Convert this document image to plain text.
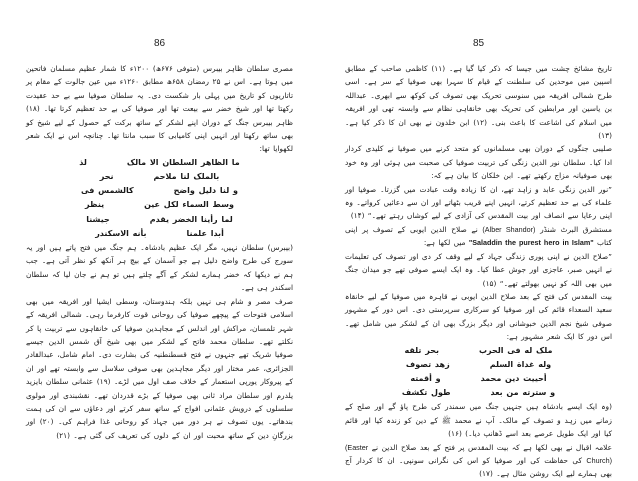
86

مصری سلطان ظاہر بیبرس (متوفی ۶۷۶ھ) ۱۲۰۰ء کا شمار عظیم مسلمان فاتحین میں ہوتا ہے۔ اس نے ۲۵ رمضان ۶۵۸ھ مطابق ۱۲۶۰ء میں عین جالوت کے مقام پر تاتاریوں کو تاریخ میں پہلی بار شکست دی۔ یہ سلطان صوفیا سے بے حد عقیدت رکھتا تھا اور شیخ خضر سے بیعت تھا اور صوفیا کی بے حد تعظیم کرتا تھا۔ (۱۸) ظاہر بیبرس جنگ کے دوران اپنے لشکر کے ساتھ برکت کے حصول کے لیے شیخ کو بھی ساتھ رکھتا اور انہیں اپنی کامیابی کا سبب مانتا تھا۔ چنانچہ اس نے ایک شعر لکھوایا تھا:

ما الظاهر السلطان الا مالکلذ

بالملک لنا ملاحمنحر

و لنا دلیل واضحکالشمس فی

وسط السماء لکل عینینظر

لما رأینا الخضر یقدمجیشنا

أبدا علمنابأنه الاسکندر

(بیبرس) سلطان نہیں، مگر ایک عظیم بادشاہ۔ ہم جنگ میں فتح پاتے ہیں اور یہ سورج کی طرح واضح دلیل ہے جو آسمان کے بیچ ہر آنکھ کو نظر آتی ہے۔ جب ہم نے دیکھا کہ خضر ہمارے لشکر کے آگے چلتے ہیں تو ہم نے جان لیا کہ سلطان اسکندر ہی ہے۔

صرف مصر و شام ہی نہیں بلکہ ہندوستان، وسطی ایشیا اور افریقہ میں بھی اسلامی فتوحات کے پیچھے صوفیا کی روحانی قوت کارفرما رہی۔ شمالی افریقہ کے شہر تلمسان، مراکش اور اندلس کے مجاہدین صوفیا کی خانقاہوں سے تربیت پا کر نکلتے تھے۔ سلطان محمد فاتح کے لشکر میں بھی شیخ آق شمس الدین جیسے صوفیا شریک تھے جنہوں نے فتح قسطنطنیہ کی بشارت دی۔ امام شامل، عبدالقادر الجزائری، عمر مختار اور دیگر مجاہدین بھی صوفی سلاسل سے وابستہ تھے اور ان کے پیروکار یورپی استعمار کے خلاف صف اول میں لڑے۔ (۱۹) عثمانی سلطان بایزید یلدرم اور سلطان مراد ثانی بھی صوفیا کے بڑے قدردان تھے۔ نقشبندی اور مولوی سلسلوں کے درویش عثمانی افواج کے ساتھ سفر کرتے اور دعاؤں سے ان کی ہمت بندھاتے۔ یوں تصوف نے ہر دور میں جہاد کو روحانی غذا فراہم کی۔ (۲۰) اور بزرگانِ دین کے ساتھ محبت اور ان کے دلوں کی تعریف کی گئی ہے۔ (۲۱)

85

تاریخ مشائخ چشت میں جیسا کہ ذکر کیا گیا ہے۔ (۱۱) کاظمی صاحب کے مطابق اسپین میں موحدین کی سلطنت کے قیام کا سہرا بھی صوفیا کے سر ہے۔ اسی طرح شمالی افریقہ میں سنوسی تحریک بھی تصوف کی کوکھ سے ابھری۔ عبداللہ بن یاسین اور مرابطین کی تحریک بھی خانقاہی نظام سے وابستہ تھی اور افریقہ میں اسلام کی اشاعت کا باعث بنی۔ (۱۲) ابن خلدون نے بھی ان کا ذکر کیا ہے۔ (۱۳)

صلیبی جنگوں کے دوران بھی مسلمانوں کو متحد کرنے میں صوفیا نے کلیدی کردار ادا کیا۔ سلطان نور الدین زنگی کی تربیت صوفیا کی صحبت میں ہوئی اور وہ خود بھی صوفیانہ مزاج رکھتے تھے۔ ابن خلکان کا بیان ہے کہ:

”نور الدین زنگی عابد و زاہد تھے، ان کا زیادہ وقت عبادت میں گزرتا۔ صوفیا اور علماء کی بے حد تعظیم کرتے، انہیں اپنے قریب بٹھاتے اور ان سے دعائیں کرواتے۔ وہ اپنی رعایا سے انصاف اور بیت المقدس کی آزادی کے لیے کوشاں رہتے تھے۔“ (۱۴)

مستشرق البرٹ شنڈر (Alber Shandor) نے صلاح الدین ایوبی کے تصوف پر اپنی کتاب "Saladdin the purest hero in Islam" میں لکھا ہے:

”صلاح الدین نے اپنی پوری زندگی جہاد کے لیے وقف کر دی اور تصوف کی تعلیمات نے انہیں صبر، عاجزی اور جوش عطا کیا۔ وہ ایک ایسے صوفی تھے جو میدان جنگ میں بھی اللہ کو نہیں بھولتے تھے۔“ (۱۵)

بیت المقدس کی فتح کے بعد صلاح الدین ایوبی نے قاہرہ میں صوفیا کے لیے خانقاہ سعید السعداء قائم کی اور صوفیا کو سرکاری سرپرستی دی۔ اس دور کے مشہور صوفی شیخ نجم الدین خبوشانی اور دیگر بزرگ بھی ان کے لشکر میں شامل تھے۔ اس دور کا ایک شعر مشہور ہے:

ملک له فی الحرببحر تلقه

وله غداة السلمزهد تصوف

أحییت دین محمدو أقمته

و سترته من بعدطول تکشف

(وہ ایک ایسے بادشاہ ہیں جنہیں جنگ میں سمندر کی طرح پاؤ گے اور صلح کے زمانے میں زہد و تصوف کے مالک۔ آپ نے محمد ﷺ کے دین کو زندہ کیا اور قائم کیا اور ایک طویل عرصے بعد اسے ڈھانپ دیا۔) (۱۶)

علامہ اقبال نے بھی لکھا ہے کہ بیت المقدس پر فتح کے بعد صلاح الدین نے (Easter Church) کی حفاظت کی اور صوفیا کو اس کی نگرانی سونپی۔ ان کا کردار آج بھی ہمارے لیے ایک روشن مثال ہے۔ (۱۷)
